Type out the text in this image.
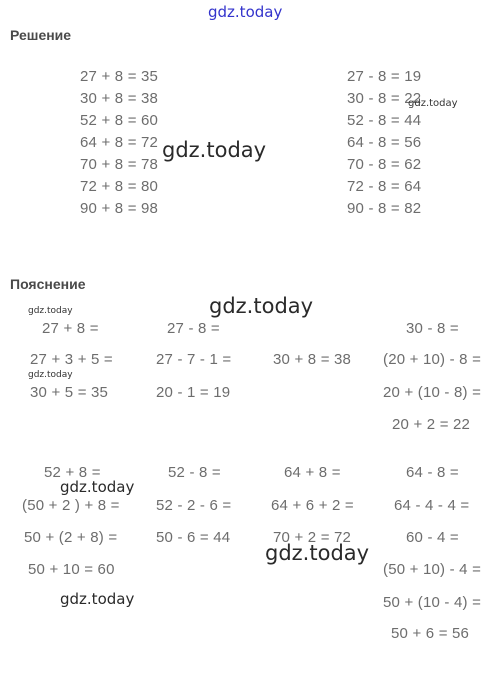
gdz.today
Решение
27 + 8 = 35
30 + 8 = 38
52 + 8 = 60
64 + 8 = 72
70 + 8 = 78
72 + 8 = 80
90 + 8 = 98
27 - 8 = 19
30 - 8 = 22
52 - 8 = 44
64 - 8 = 56
70 - 8 = 62
72 - 8 = 64
90 - 8 = 82
gdz.today
gdz.today
Пояснение
gdz.today
gdz.today
gdz.today
27 + 8 =
27 + 3 + 5 =
30 + 5 = 35
27 - 8 =
27 - 7 - 1 =
20 - 1 = 19
30 + 8 = 38
30 - 8 =
(20 + 10) - 8 =
20 + (10 - 8) =
20 + 2 = 22
52 + 8 =
(50 + 2 ) + 8 =
50 + (2 + 8) =
50 + 10 = 60
52 - 8 =
52 - 2 - 6 =
50 - 6 = 44
64 + 8 =
64 + 6 + 2 =
70 + 2 = 72
64 - 8 =
64 - 4 - 4 =
60 - 4 =
(50 + 10) - 4 =
50 + (10 - 4) =
50 + 6 = 56
gdz.today
gdz.today
gdz.today
